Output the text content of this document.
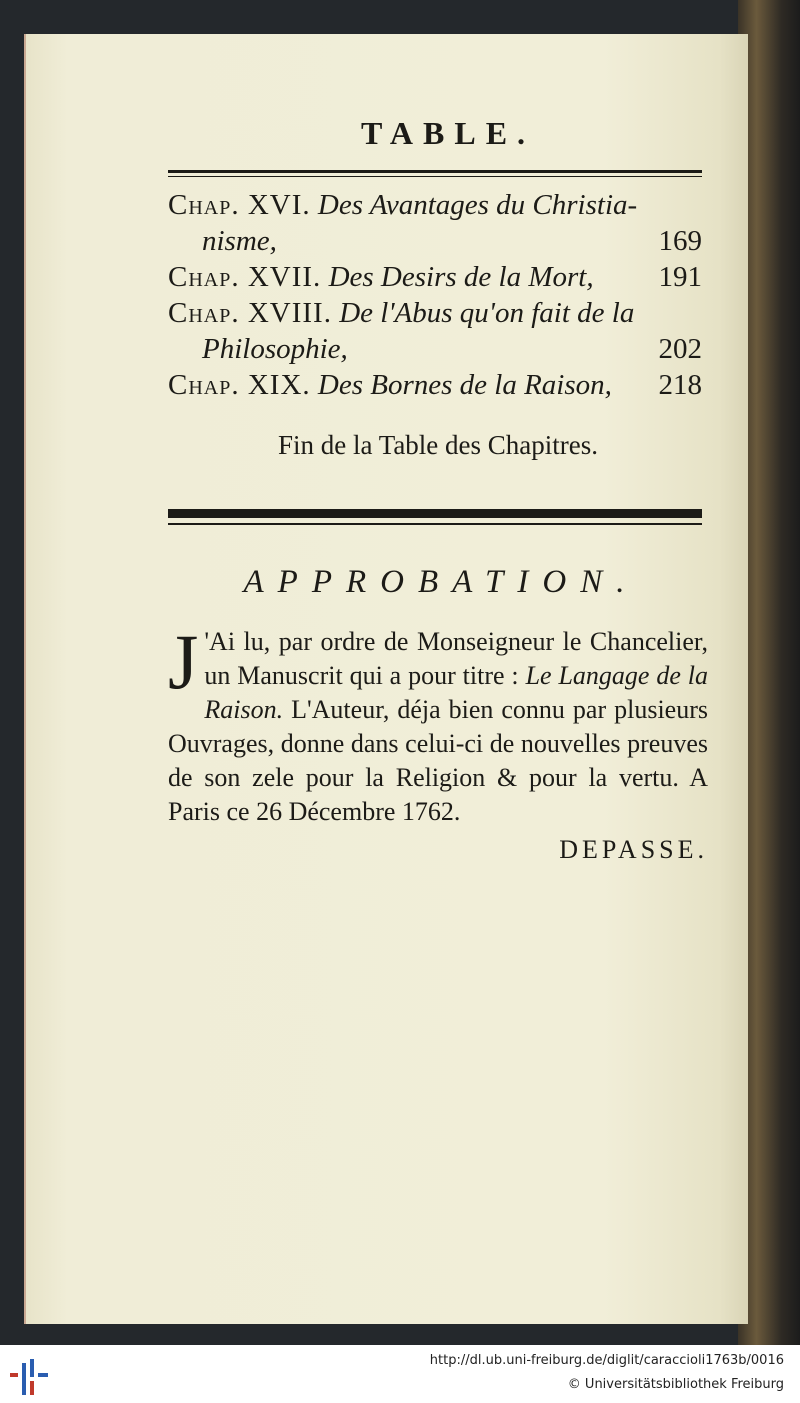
TABLE.
Chap. XVI. Des Avantages du Christia-
nisme,	169
Chap. XVII. Des Desirs de la Mort, 191
Chap. XVIII. De l'Abus qu'on fait de la
Philosophie,	202
Chap. XIX. Des Bornes de la Raison, 218
Fin de la Table des Chapitres.
APPROBATION.
J 'Ai lu, par ordre de Monseigneur le Chancelier, un Manuscrit qui a pour titre : Le Langage de la Raison. L'Auteur, déja bien connu par plusieurs Ouvrages, donne dans celui-ci de nouvelles preuves de son zele pour la Religion & pour la vertu. A Paris ce 26 Décembre 1762.
DEPASSE.
http://dl.ub.uni-freiburg.de/diglit/caraccioli1763b/0016
© Universitätsbibliothek Freiburg
